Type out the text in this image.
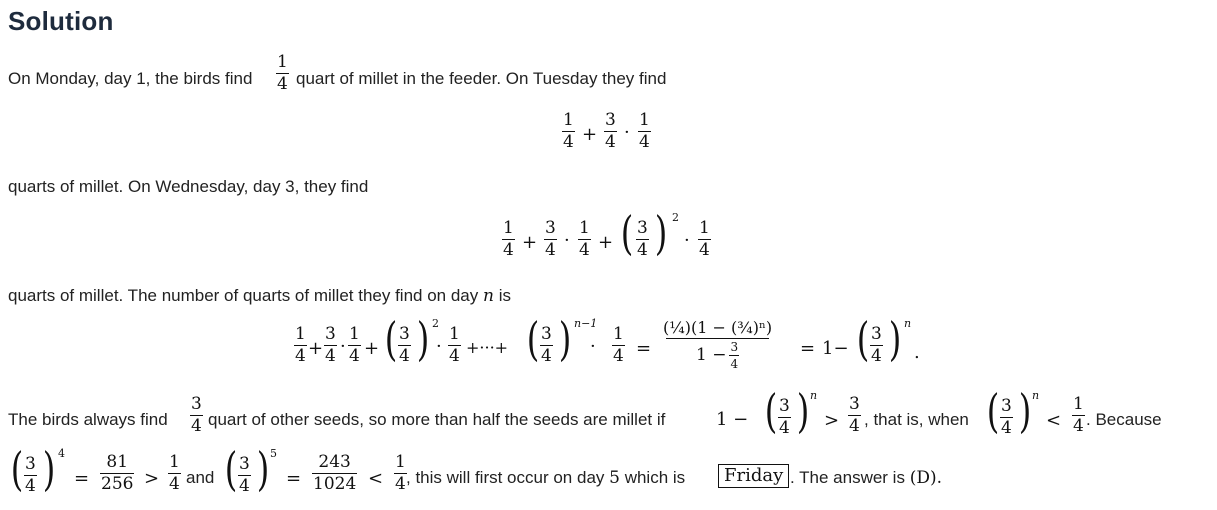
Solution
On Monday, day 1, the birds find $\frac{1}{4}$ quart of millet in the feeder. On Tuesday they find
$\frac{1}{4} + \frac{3}{4} \cdot \frac{1}{4}$
quarts of millet. On Wednesday, day 3, they find
$\frac{1}{4} + \frac{3}{4} \cdot \frac{1}{4}$ + ( $\frac{3}{4}$ ) 2
· $\frac{1}{4}$
quarts of millet. The number of quarts of millet they find on day n is
$\frac{1}{4} + \frac{3}{4} \cdot \frac{1}{4}$ + ( $\frac{3}{4}$ ) 2
· $\frac{1}{4}$ +···+ ( $\frac{3}{4}$ ) n−1
· $\frac{1}{4} = \frac{\text{(¼)(1 − (¾)ⁿ)}}{1 - \frac{3}{4}} = 1-$ ( $\frac{3}{4}$ ) n
.
The birds always find $\frac{3}{4}$ quart of other seeds, so more than half the seeds are millet if	1 − ( $\frac{3}{4}$ ) n
> $\frac{3}{4}$ , that is, when ( $\frac{3}{4}$ ) n
< $\frac{1}{4}$ . Because
( $\frac{3}{4}$ ) 4
= $\frac{81}{256} > \frac{1}{4}$ and ( $\frac{3}{4}$ ) 5
= $\frac{243}{1024} < \frac{1}{4}$ , this will first occur on day 5 which is	Friday . The answer is (D).
